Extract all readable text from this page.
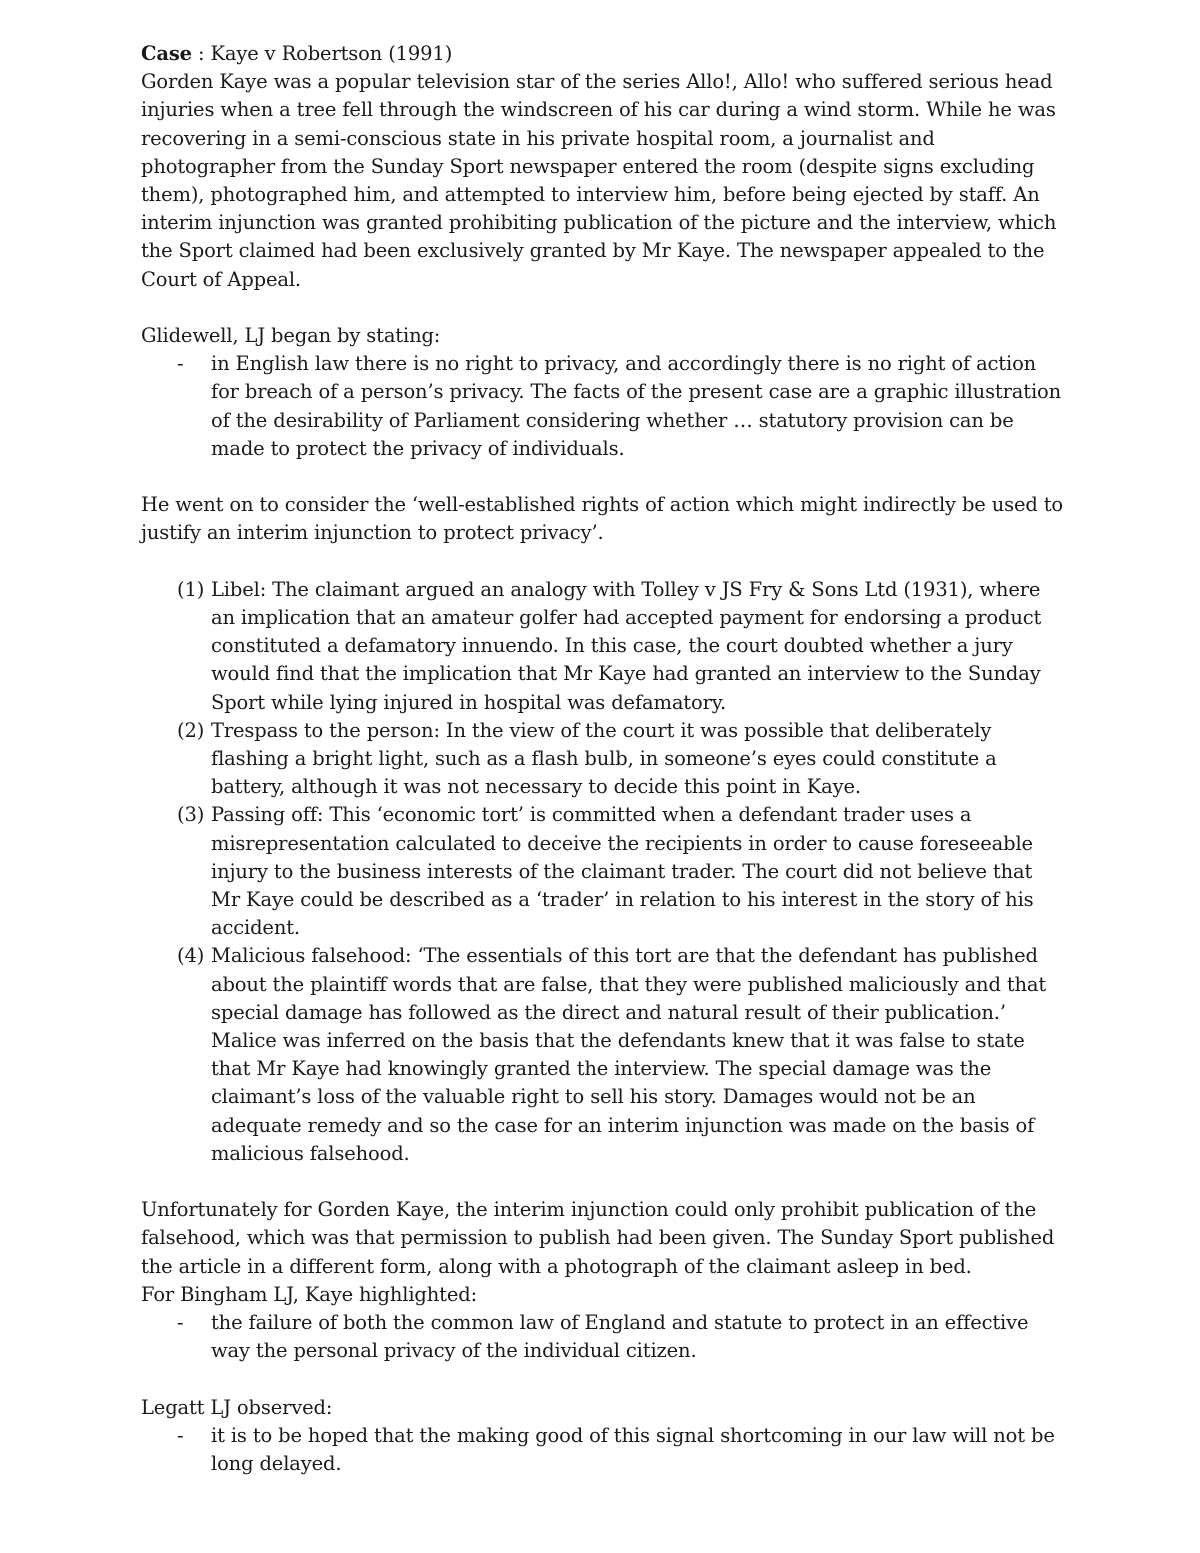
Case : Kaye v Robertson (1991)

Gorden Kaye was a popular television star of the series Allo!, Allo! who suffered serious head injuries when a tree fell through the windscreen of his car during a wind storm. While he was recovering in a semi-conscious state in his private hospital room, a journalist and photographer from the Sunday Sport newspaper entered the room (despite signs excluding them), photographed him, and attempted to interview him, before being ejected by staff. An interim injunction was granted prohibiting publication of the picture and the interview, which the Sport claimed had been exclusively granted by Mr Kaye. The newspaper appealed to the Court of Appeal.

Glidewell, LJ began by stating:

- in English law there is no right to privacy, and accordingly there is no right of action for breach of a person’s privacy. The facts of the present case are a graphic illustration of the desirability of Parliament considering whether … statutory provision can be made to protect the privacy of individuals.

He went on to consider the ‘well-established rights of action which might indirectly be used to justify an interim injunction to protect privacy’.

(1) Libel: The claimant argued an analogy with Tolley v JS Fry & Sons Ltd (1931), where an implication that an amateur golfer had accepted payment for endorsing a product constituted a defamatory innuendo. In this case, the court doubted whether a jury would find that the implication that Mr Kaye had granted an interview to the Sunday Sport while lying injured in hospital was defamatory.
(2) Trespass to the person: In the view of the court it was possible that deliberately flashing a bright light, such as a flash bulb, in someone’s eyes could constitute a battery, although it was not necessary to decide this point in Kaye.
(3) Passing off: This ‘economic tort’ is committed when a defendant trader uses a misrepresentation calculated to deceive the recipients in order to cause foreseeable injury to the business interests of the claimant trader. The court did not believe that Mr Kaye could be described as a ‘trader’ in relation to his interest in the story of his accident.
(4) Malicious falsehood: ‘The essentials of this tort are that the defendant has published about the plaintiff words that are false, that they were published maliciously and that special damage has followed as the direct and natural result of their publication.’ Malice was inferred on the basis that the defendants knew that it was false to state that Mr Kaye had knowingly granted the interview. The special damage was the claimant’s loss of the valuable right to sell his story. Damages would not be an adequate remedy and so the case for an interim injunction was made on the basis of malicious falsehood.

Unfortunately for Gorden Kaye, the interim injunction could only prohibit publication of the falsehood, which was that permission to publish had been given. The Sunday Sport published the article in a different form, along with a photograph of the claimant asleep in bed.

For Bingham LJ, Kaye highlighted:

- the failure of both the common law of England and statute to protect in an effective way the personal privacy of the individual citizen.

Legatt LJ observed:

- it is to be hoped that the making good of this signal shortcoming in our law will not be long delayed.
